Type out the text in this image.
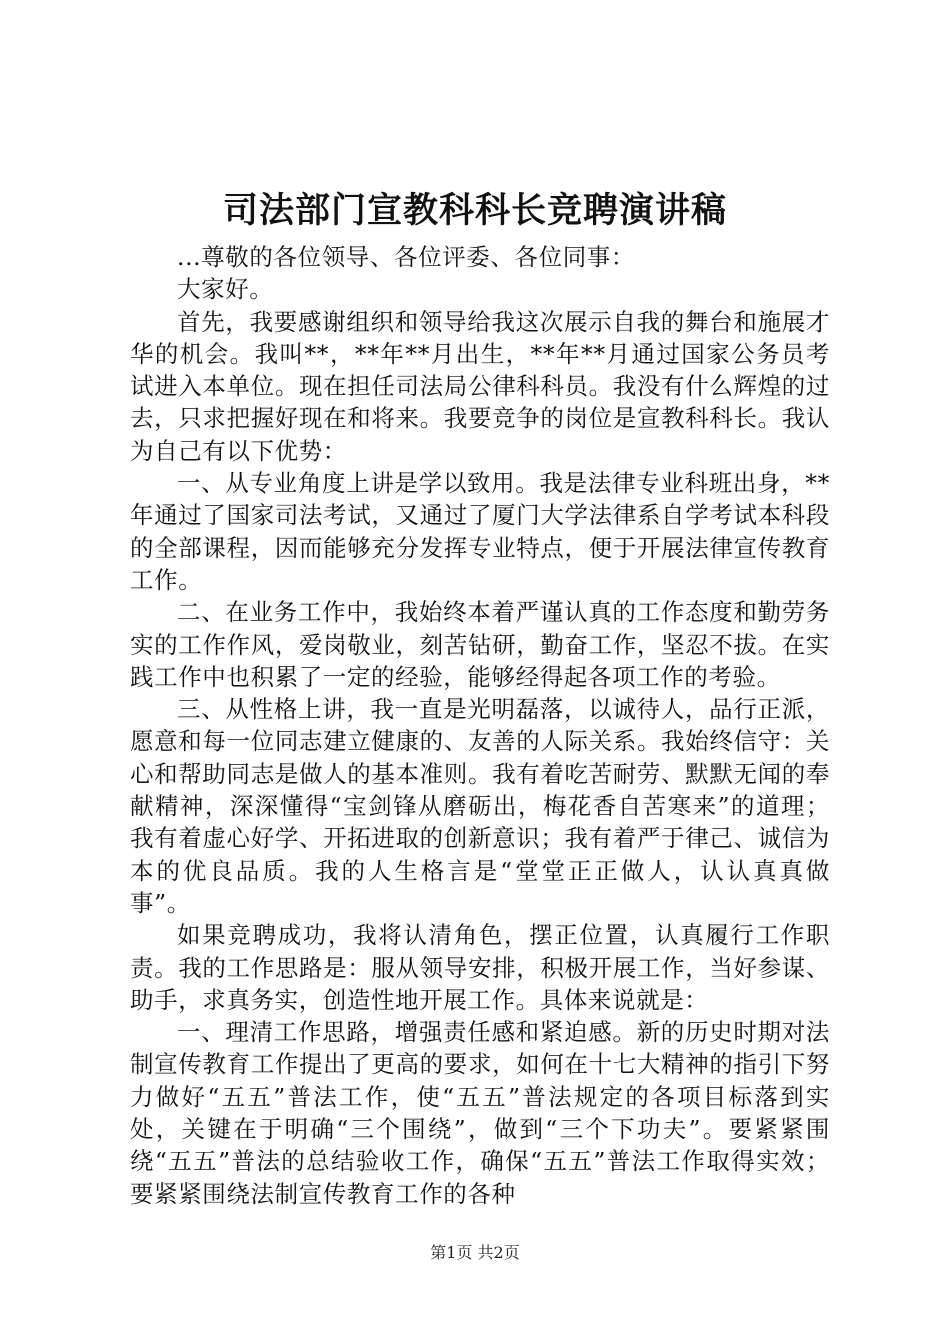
司法部门宣教科科长竞聘演讲稿

...尊敬的各位领导、各位评委、各位同事：

大家好。

首先，我要感谢组织和领导给我这次展示自我的舞台和施展才华的机会。我叫**，**年**月出生，**年**月通过国家公务员考试进入本单位。现在担任司法局公律科科员。我没有什么辉煌的过去，只求把握好现在和将来。我要竞争的岗位是宣教科科长。我认为自己有以下优势：

一、从专业角度上讲是学以致用。我是法律专业科班出身，**年通过了国家司法考试，又通过了厦门大学法律系自学考试本科段的全部课程，因而能够充分发挥专业特点，便于开展法律宣传教育工作。

二、在业务工作中，我始终本着严谨认真的工作态度和勤劳务实的工作作风，爱岗敬业，刻苦钻研，勤奋工作，坚忍不拔。在实践工作中也积累了一定的经验，能够经得起各项工作的考验。

三、从性格上讲，我一直是光明磊落，以诚待人，品行正派，愿意和每一位同志建立健康的、友善的人际关系。我始终信守：关心和帮助同志是做人的基本准则。我有着吃苦耐劳、默默无闻的奉献精神，深深懂得“宝剑锋从磨砺出，梅花香自苦寒来”的道理；我有着虚心好学、开拓进取的创新意识；我有着严于律己、诚信为本的优良品质。我的人生格言是“堂堂正正做人，认认真真做事”。

如果竞聘成功，我将认清角色，摆正位置，认真履行工作职责。我的工作思路是：服从领导安排，积极开展工作，当好参谋、助手，求真务实，创造性地开展工作。具体来说就是：

一、理清工作思路，增强责任感和紧迫感。新的历史时期对法制宣传教育工作提出了更高的要求，如何在十七大精神的指引下努力做好“五五”普法工作，使“五五”普法规定的各项目标落到实处，关键在于明确“三个围绕”，做到“三个下功夫”。要紧紧围绕“五五”普法的总结验收工作，确保“五五”普法工作取得实效；要紧紧围绕法制宣传教育工作的各种

第1页 共2页
